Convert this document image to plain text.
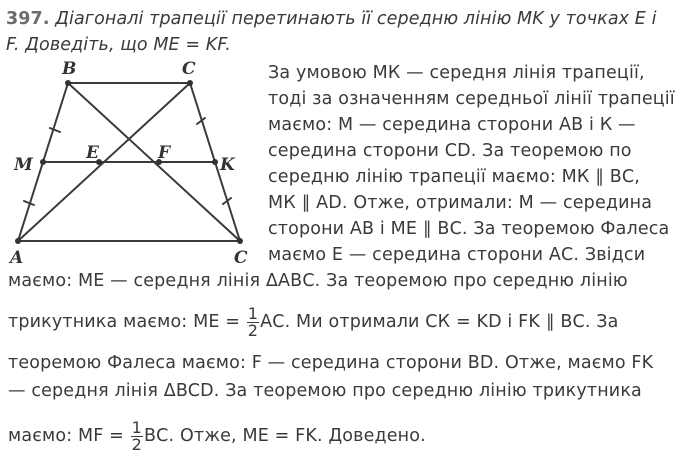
397. Діагоналі трапеції перетинають її середню лінію MK у точках E і
F. Доведіть, що ME = KF.
B	C
M
E	F
K
A	C
За умовою МК — середня лінія трапеції,
тоді за означенням середньої лінії трапеції
маємо: М — середина сторони АВ і К —
середина сторони CD. За теоремою по
середню лінію трапеції маємо: МК ∥ ВС,
МК ∥ AD. Отже, отримали: М — середина
сторони АВ і ME ∥ ВС. За теоремою Фалеса
маємо Е — середина сторони АС. Звідси
маємо: ME — середня лінія ΔАВС. За теоремою про середню лінію
трикутника маємо: ME = $\frac{1}{2}$ АС. Ми отримали СК = KD і FK ∥ ВС. За
теоремою Фалеса маємо: F — середина сторони BD. Отже, маємо FK
— середня лінія ΔBCD. За теоремою про середню лінію трикутника
маємо: MF = $\frac{1}{2}$ ВС. Отже, ME = FK. Доведено.
